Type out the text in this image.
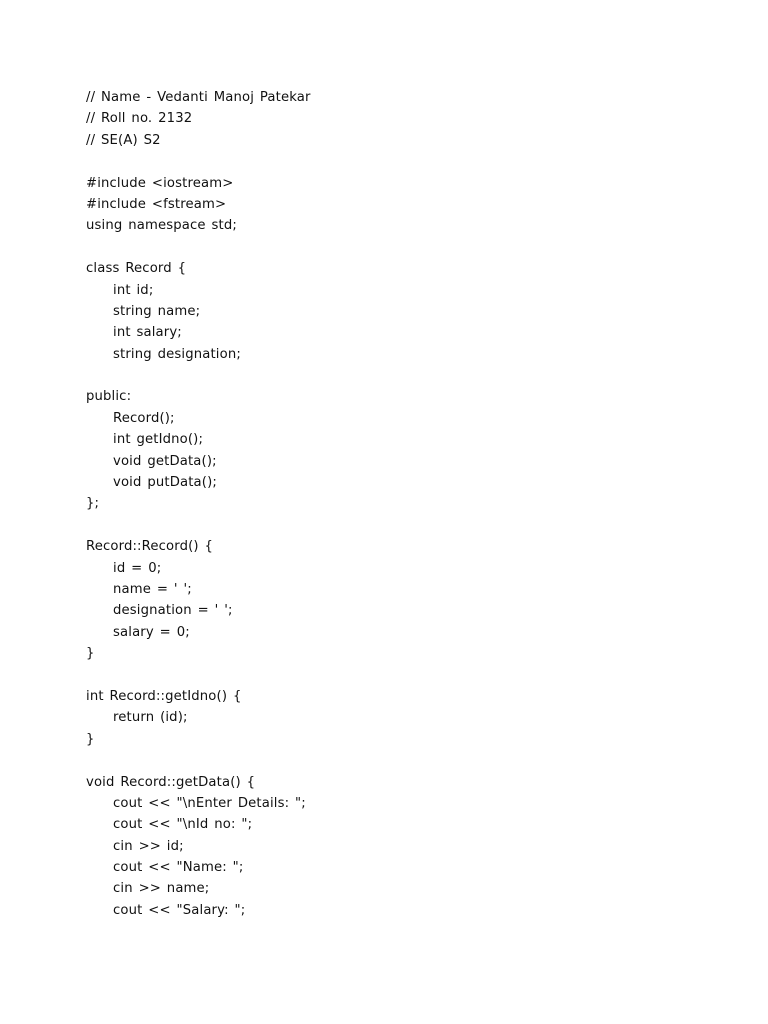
// Name - Vedanti Manoj Patekar
// Roll no. 2132
// SE(A) S2
#include <iostream>
#include <fstream>
using namespace std;
class Record {
int id;
string name;
int salary;
string designation;
public:
Record();
int getIdno();
void getData();
void putData();
};
Record::Record() {
id = 0;
name = ' ';
designation = ' ';
salary = 0;
}
int Record::getIdno() {
return (id);
}
void Record::getData() {
cout << "\nEnter Details: ";
cout << "\nId no: ";
cin >> id;
cout << "Name: ";
cin >> name;
cout << "Salary: ";
